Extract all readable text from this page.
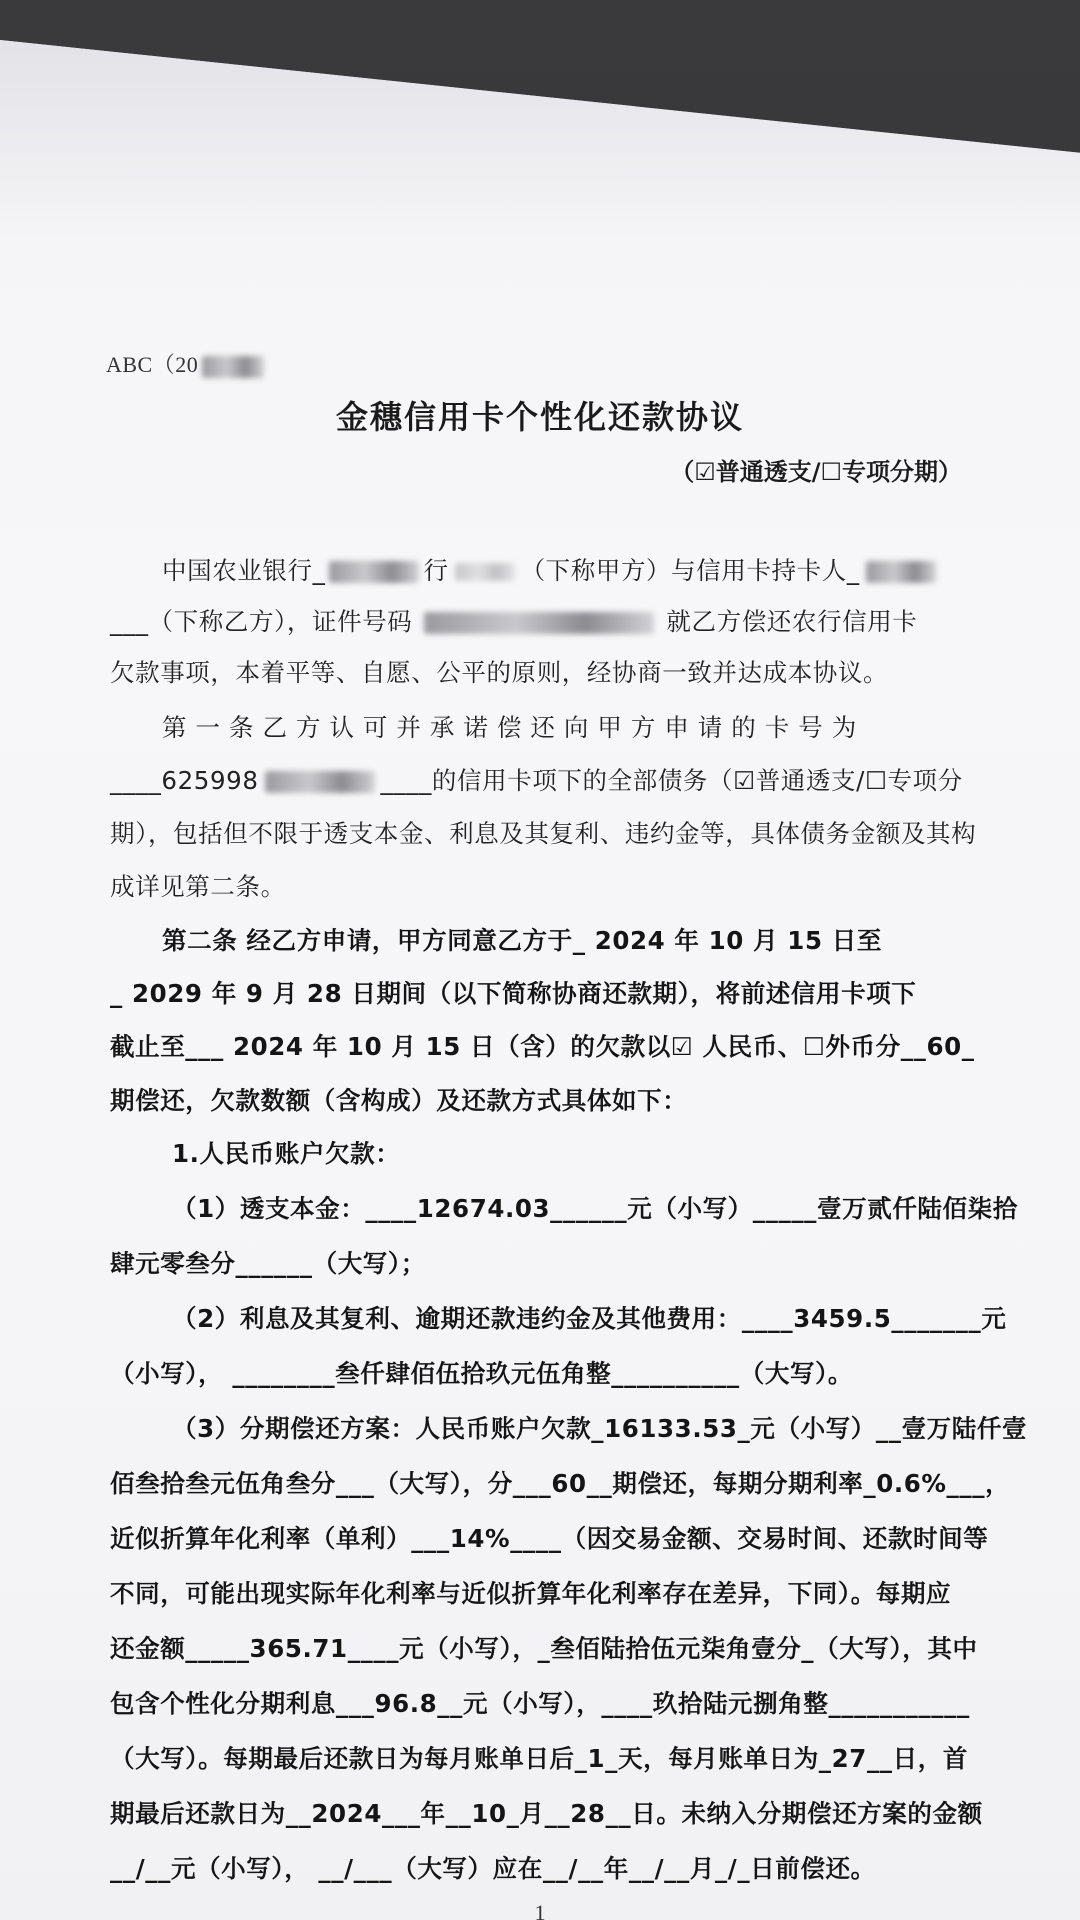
ABC（20
金穗信用卡个性化还款协议
（☑普通透支/☐专项分期）
中国农业银行_	行	（下称甲方）与信用卡持卡人_
___（下称乙方），证件号码	就乙方偿还农行信用卡
欠款事项，本着平等、自愿、公平的原则，经协商一致并达成本协议。
第 一 条 乙 方 认 可 并 承 诺 偿 还 向 甲 方 申 请 的 卡 号 为
____625998	____的信用卡项下的全部债务（☑普通透支/☐专项分
期），包括但不限于透支本金、利息及其复利、违约金等，具体债务金额及其构
成详见第二条。
第二条 经乙方申请，甲方同意乙方于_ 2024 年 10 月 15 日至
_ 2029 年 9 月 28 日期间（以下简称协商还款期），将前述信用卡项下
截止至___ 2024 年 10 月 15 日（含）的欠款以☑ 人民币、☐外币分__60_
期偿还，欠款数额（含构成）及还款方式具体如下：
1.人民币账户欠款：
（1）透支本金：____12674.03______元（小写）_____壹万贰仟陆佰柒拾
肆元零叁分______（大写）；
（2）利息及其复利、逾期还款违约金及其他费用：____3459.5_______元
（小写）， ________叁仟肆佰伍拾玖元伍角整__________（大写）。
（3）分期偿还方案：人民币账户欠款_16133.53_元（小写）__壹万陆仟壹
佰叁拾叁元伍角叁分___（大写），分___60__期偿还，每期分期利率_0.6%___，
近似折算年化利率（单利）___14%____（因交易金额、交易时间、还款时间等
不同，可能出现实际年化利率与近似折算年化利率存在差异，下同）。每期应
还金额_____365.71____元（小写），_叁佰陆拾伍元柒角壹分_（大写），其中
包含个性化分期利息___96.8__元（小写），____玖拾陆元捌角整___________
（大写）。每期最后还款日为每月账单日后_1_天，每月账单日为_27__日，首
期最后还款日为__2024___年__10_月__28__日。未纳入分期偿还方案的金额
__/__元（小写）， __/___（大写）应在__/__年__/__月_/_日前偿还。
1
